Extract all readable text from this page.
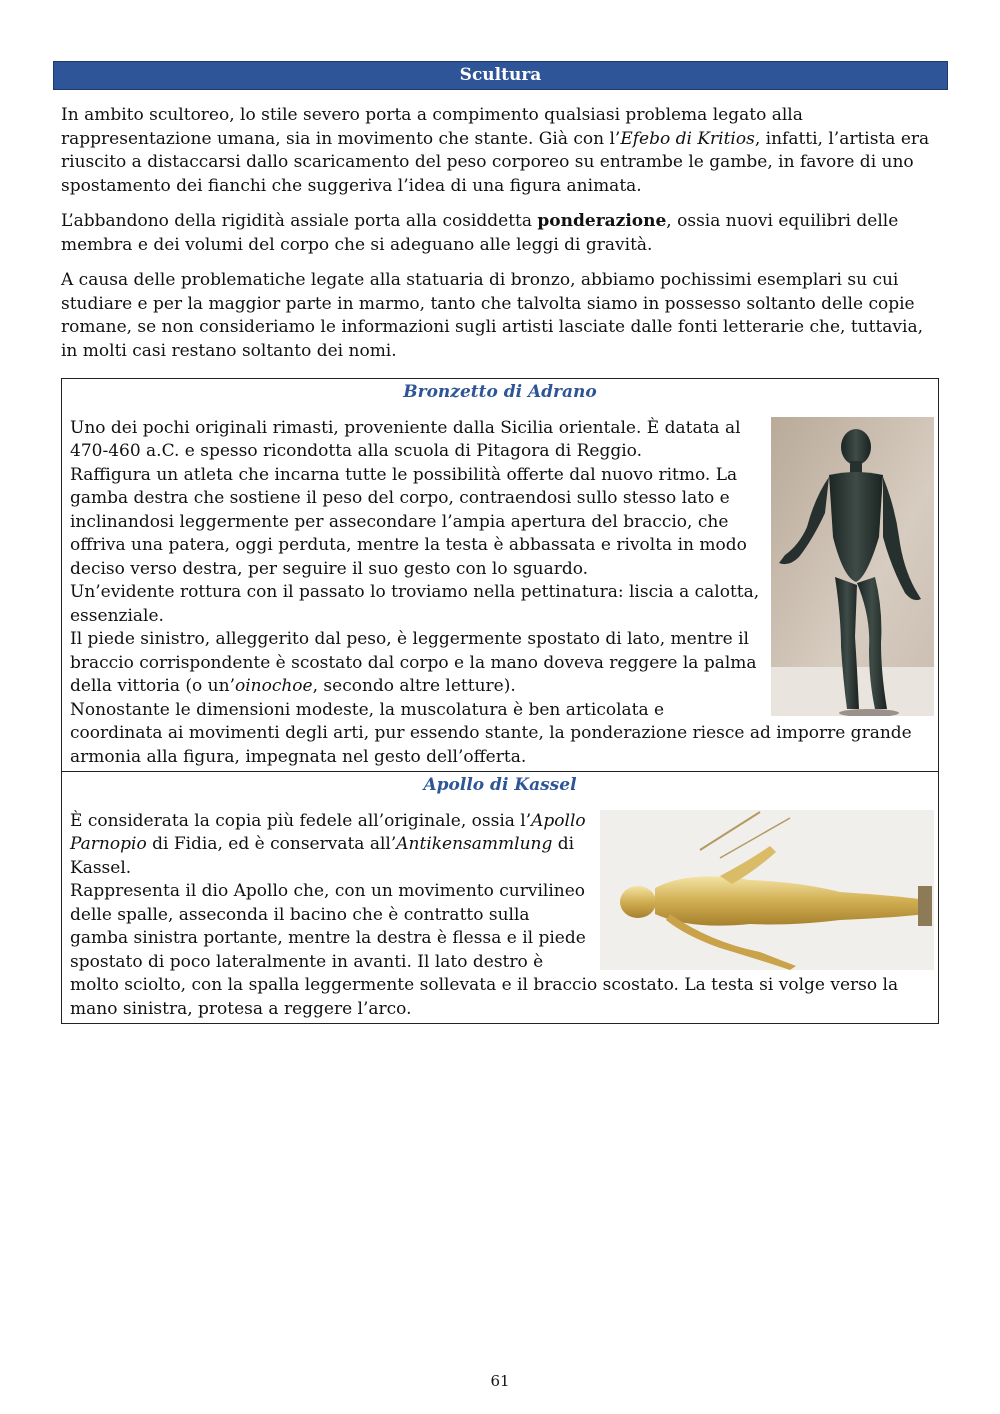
Scultura

In ambito scultoreo, lo stile severo porta a compimento qualsiasi problema legato alla rappresentazione umana, sia in movimento che stante. Già con l’Efebo di Kritios, infatti, l’artista era riuscito a distaccarsi dallo scaricamento del peso corporeo su entrambe le gambe, in favore di uno spostamento dei fianchi che suggeriva l’idea di una figura animata.

L’abbandono della rigidità assiale porta alla cosiddetta ponderazione, ossia nuovi equilibri delle membra e dei volumi del corpo che si adeguano alle leggi di gravità.

A causa delle problematiche legate alla statuaria di bronzo, abbiamo pochissimi esemplari su cui studiare e per la maggior parte in marmo, tanto che talvolta siamo in possesso soltanto delle copie romane, se non consideriamo le informazioni sugli artisti lasciate dalle fonti letterarie che, tuttavia, in molti casi restano soltanto dei nomi.

Bronzetto di Adrano

Uno dei pochi originali rimasti, proveniente dalla Sicilia orientale. È datata al 470-460 a.C. e spesso ricondotta alla scuola di Pitagora di Reggio.

Raffigura un atleta che incarna tutte le possibilità offerte dal nuovo ritmo. La gamba destra che sostiene il peso del corpo, contraendosi sullo stesso lato e inclinandosi leggermente per assecondare l’ampia apertura del braccio, che offriva una patera, oggi perduta, mentre la testa è abbassata e rivolta in modo deciso verso destra, per seguire il suo gesto con lo sguardo.

Un’evidente rottura con il passato lo troviamo nella pettinatura: liscia a calotta, essenziale.

Il piede sinistro, alleggerito dal peso, è leggermente spostato di lato, mentre il braccio corrispondente è scostato dal corpo e la mano doveva reggere la palma della vittoria (o un’oinochoe, secondo altre letture).

Nonostante le dimensioni modeste, la muscolatura è ben articolata e coordinata ai movimenti degli arti, pur essendo stante, la ponderazione riesce ad imporre grande armonia alla figura, impegnata nel gesto dell’offerta.

Apollo di Kassel

È considerata la copia più fedele all’originale, ossia l’Apollo Parnopio di Fidia, ed è conservata all’Antikensammlung di Kassel.

Rappresenta il dio Apollo che, con un movimento curvilineo delle spalle, asseconda il bacino che è contratto sulla gamba sinistra portante, mentre la destra è flessa e il piede spostato di poco lateralmente in avanti. Il lato destro è molto sciolto, con la spalla leggermente sollevata e il braccio scostato. La testa si volge verso la mano sinistra, protesa a reggere l’arco.

61
